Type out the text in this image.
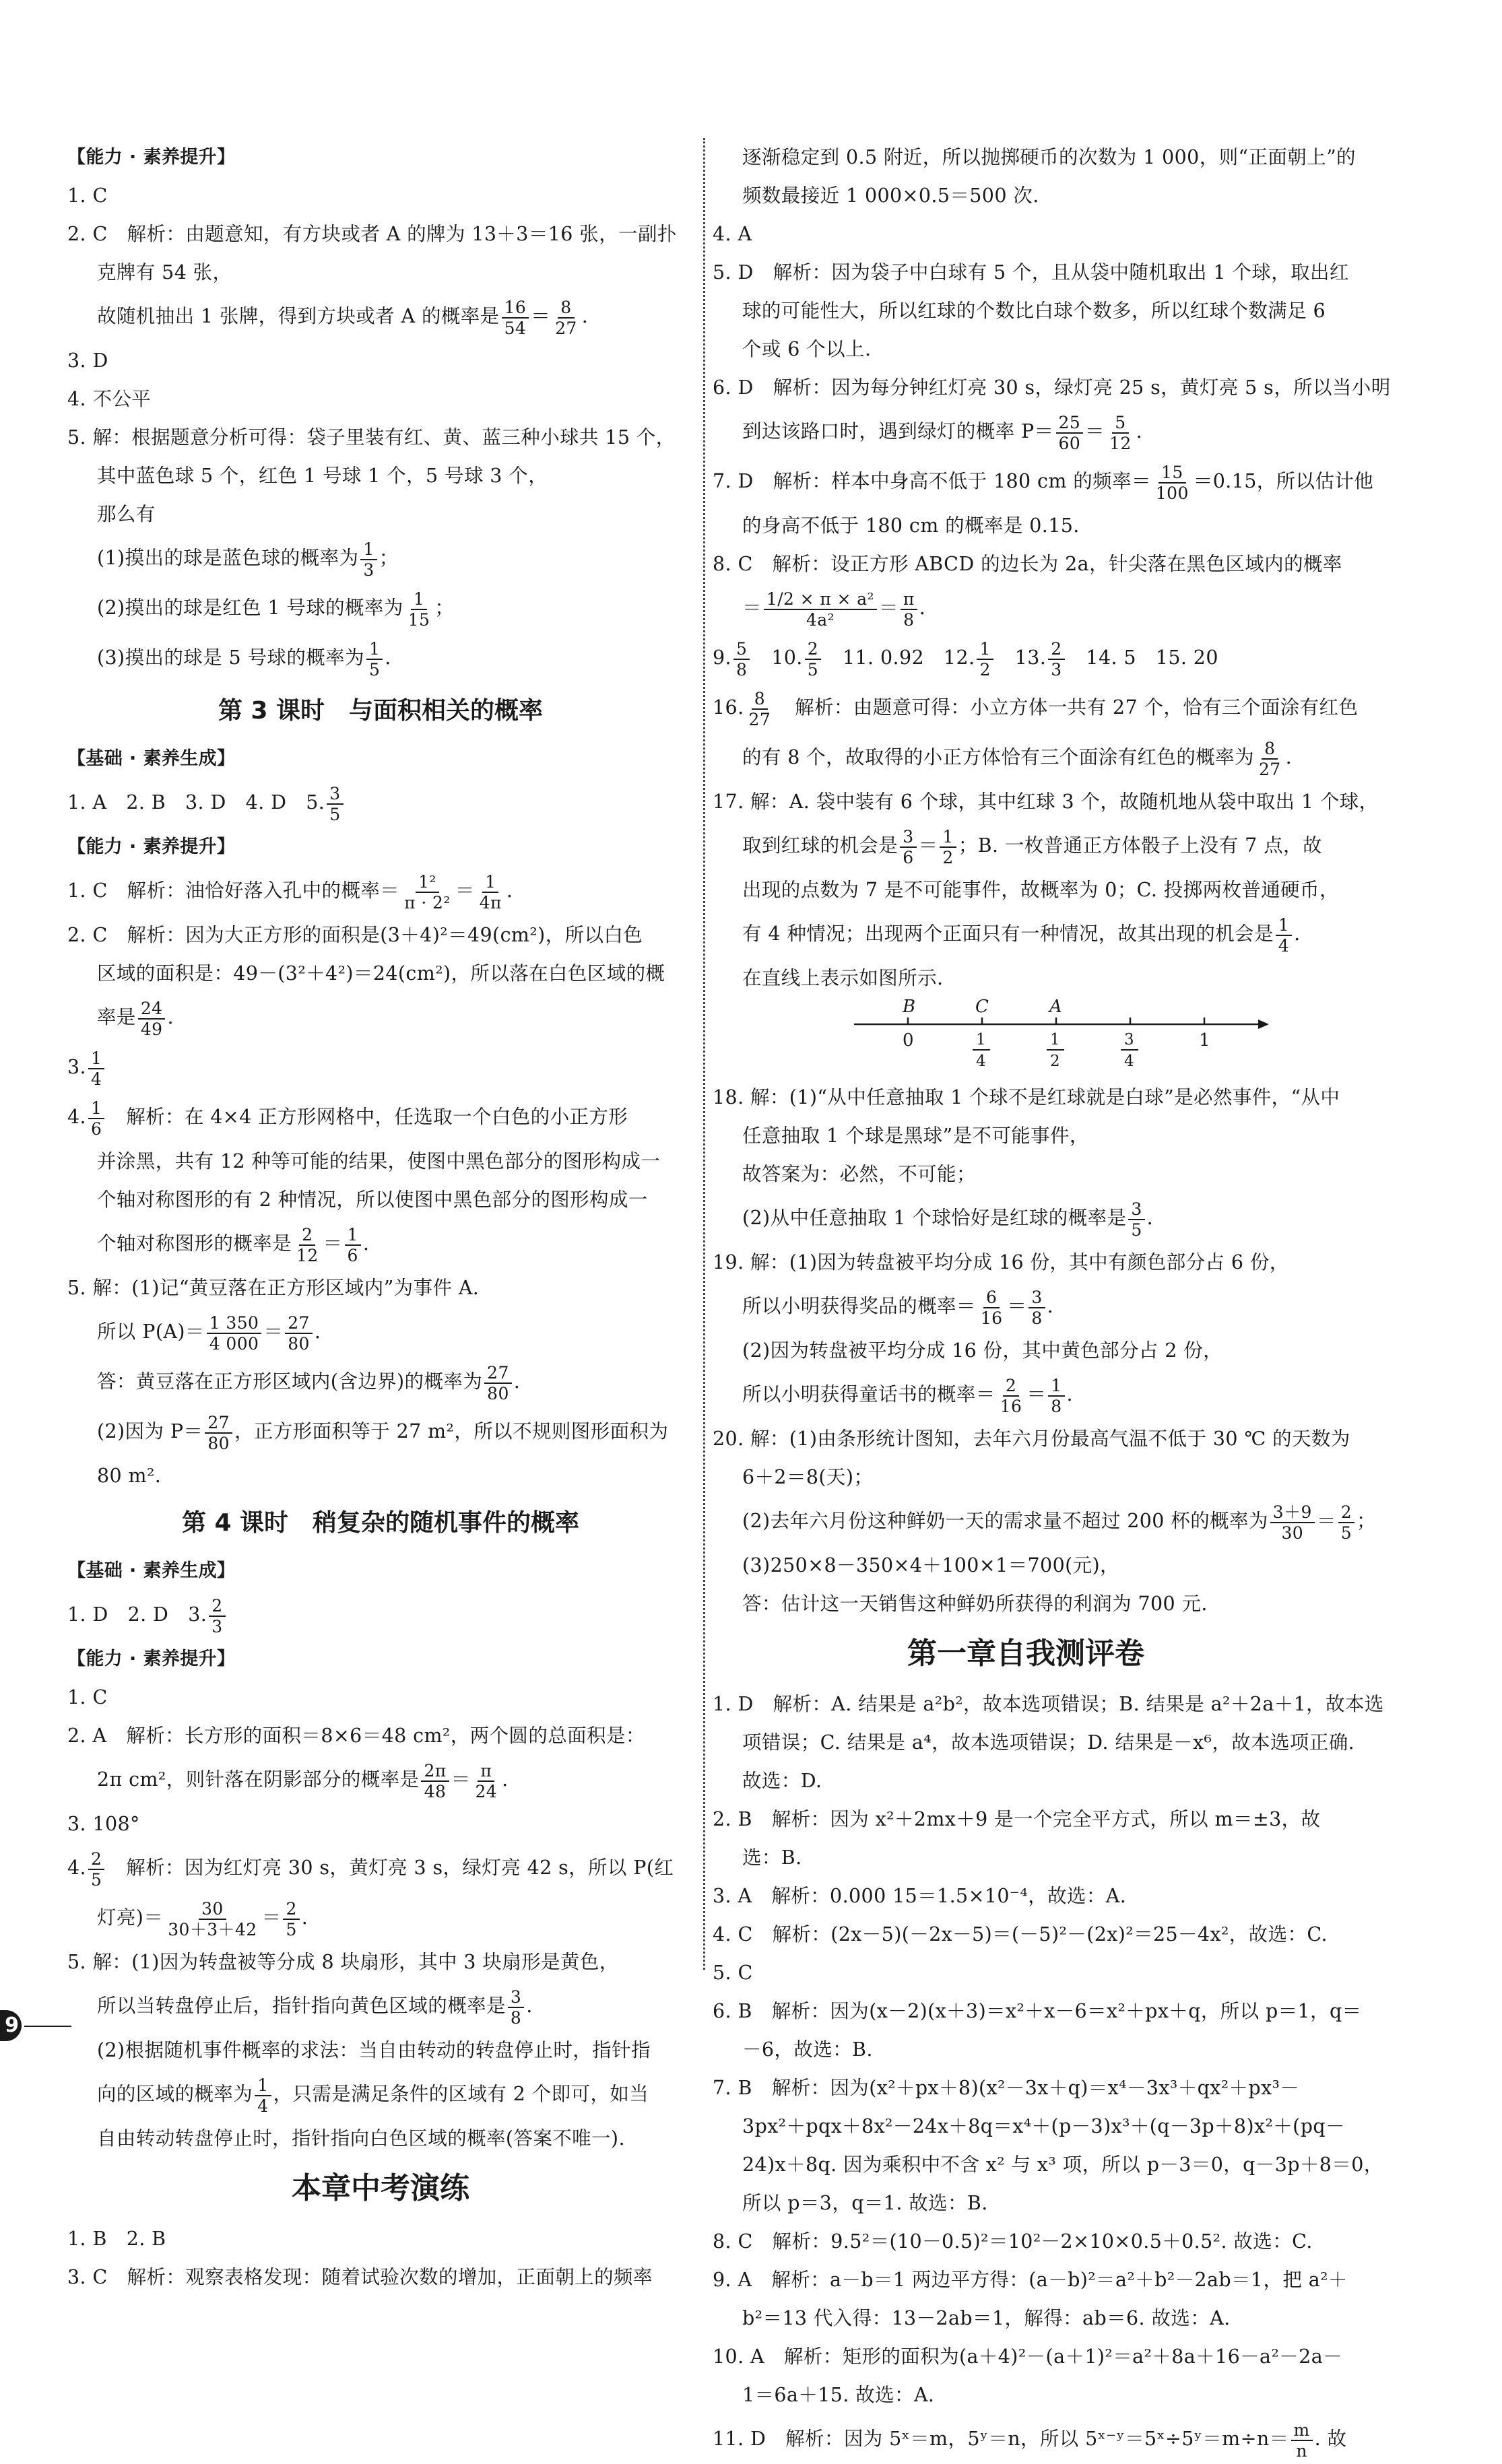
【能力 · 素养提升】
1. C
2. C　解析：由题意知，有方块或者 A 的牌为 13＋3＝16 张，一副扑
克牌有 54 张，
故随机抽出 1 张牌，得到方块或者 A 的概率是 $\frac{16}{54} = \frac{8}{27}$ .
3. D
4. 不公平
5. 解：根据题意分析可得：袋子里装有红、黄、蓝三种小球共 15 个，
其中蓝色球 5 个，红色 1 号球 1 个，5 号球 3 个，
那么有
(1)摸出的球是蓝色球的概率为 $\frac{1}{3}$ ；
(2)摸出的球是红色 1 号球的概率为 $\frac{1}{15}$ ；
(3)摸出的球是 5 号球的概率为 $\frac{1}{5}$ .
第 3 课时　与面积相关的概率
【基础 · 素养生成】
1. A　2. B　3. D　4. D　5. $\frac{3}{5}$
【能力 · 素养提升】
1. C　解析：油恰好落入孔中的概率＝ $\frac{\text{1²}}{\text{π · 2²}} = \frac{1}{4\pi}$ .
2. C　解析：因为大正方形的面积是(3＋4)²＝49(cm²)，所以白色
区域的面积是：49－(3²＋4²)＝24(cm²)，所以落在白色区域的概
率是 $\frac{24}{49}$ .
3. $\frac{1}{4}$
4. $\frac{1}{6}$
　 解析：在 4×4 正方形网格中，任选取一个白色的小正方形
并涂黑，共有 12 种等可能的结果，使图中黑色部分的图形构成一
个轴对称图形的有 2 种情况，所以使图中黑色部分的图形构成一
个轴对称图形的概率是 $\frac{2}{12} = \frac{1}{6}$ .
5. 解：(1)记“黄豆落在正方形区域内”为事件 A.
所以 $P(A)= \frac{1 350}{4 000} = \frac{27}{80}$ .
答：黄豆落在正方形区域内(含边界)的概率为 $\frac{27}{80}$ .
(2)因为 $P= \frac{27}{80}$ ，正方形面积等于 27 m²，所以不规则图形面积为
80 m².
第 4 课时　稍复杂的随机事件的概率
【基础 · 素养生成】
1. D　2. D　3. $\frac{2}{3}$
【能力 · 素养提升】
1. C
2. A　解析：长方形的面积＝8×6＝48 cm²，两个圆的总面积是：
2π cm²，则针落在阴影部分的概率是 $\frac{2\pi}{48} = \frac{\pi}{24}$ .
3. 108°
4. $\frac{2}{5}$
　 解析：因为红灯亮 30 s，黄灯亮 3 s，绿灯亮 42 s，所以 P(红
灯亮)＝ $\frac{30}{30+3+42} = \frac{2}{5}$ .
5. 解：(1)因为转盘被等分成 8 块扇形，其中 3 块扇形是黄色，
所以当转盘停止后，指针指向黄色区域的概率是 $\frac{3}{8}$ .
(2)根据随机事件概率的求法：当自由转动的转盘停止时，指针指
向的区域的概率为 $\frac{1}{4}$ ，只需是满足条件的区域有 2 个即可，如当
自由转动转盘停止时，指针指向白色区域的概率(答案不唯一).
本章中考演练
1. B　2. B
3. C　解析：观察表格发现：随着试验次数的增加，正面朝上的频率
逐渐稳定到 0.5 附近，所以抛掷硬币的次数为 1 000，则“正面朝上”的
频数最接近 1 000×0.5＝500 次.
4. A
5. D　解析：因为袋子中白球有 5 个，且从袋中随机取出 1 个球，取出红
球的可能性大，所以红球的个数比白球个数多，所以红球个数满足 6
个或 6 个以上.
6. D　解析：因为每分钟红灯亮 30 s，绿灯亮 25 s，黄灯亮 5 s，所以当小明
到达该路口时，遇到绿灯的概率 $P= \frac{25}{60} = \frac{5}{12}$ .
7. D　解析：样本中身高不低于 180 cm 的频率＝ $\frac{15}{100} =0.15$，所以估计他
的身高不低于 180 cm 的概率是 0.15.
8. C　解析：设正方形 ABCD 的边长为 2a，针尖落在黑色区域内的概率
＝ $\frac{\text{1/2 × π × a²}}{\text{4a²}} = \frac{\pi}{8}$ .
9. $\frac{5}{8}$
　 10. $\frac{2}{5}$
　 11. 0.92　12. $\frac{1}{2}$
　 13. $\frac{2}{3}$
　 14. 5　15. 20
16. $\frac{8}{27}$
　 解析：由题意可得：小立方体一共有 27 个，恰有三个面涂有红色
的有 8 个，故取得的小正方体恰有三个面涂有红色的概率为 $\frac{8}{27}$ .
17. 解：A. 袋中装有 6 个球，其中红球 3 个，故随机地从袋中取出 1 个球，
取到红球的机会是 $\frac{3}{6} = \frac{1}{2}$ ；B. 一枚普通正方体骰子上没有 7 点，故
出现的点数为 7 是不可能事件，故概率为 0；C. 投掷两枚普通硬币，
有 4 种情况；出现两个正面只有一种情况，故其出现的机会是 $\frac{1}{4}$ .
在直线上表示如图所示.
B	C	A
0	1
4
1
2
3
4
1
18. 解：(1)“从中任意抽取 1 个球不是红球就是白球”是必然事件，“从中
任意抽取 1 个球是黑球”是不可能事件，
故答案为：必然，不可能；
(2)从中任意抽取 1 个球恰好是红球的概率是 $\frac{3}{5}$ .
19. 解：(1)因为转盘被平均分成 16 份，其中有颜色部分占 6 份，
所以小明获得奖品的概率＝ $\frac{6}{16} = \frac{3}{8}$ .
(2)因为转盘被平均分成 16 份，其中黄色部分占 2 份，
所以小明获得童话书的概率＝ $\frac{2}{16} = \frac{1}{8}$ .
20. 解：(1)由条形统计图知，去年六月份最高气温不低于 30 ℃ 的天数为
6＋2＝8(天)；
(2)去年六月份这种鲜奶一天的需求量不超过 200 杯的概率为 $\frac{3+9}{30} = \frac{2}{5}$ ；
(3)250×8－350×4＋100×1＝700(元)，
答：估计这一天销售这种鲜奶所获得的利润为 700 元.
第一章自我测评卷
1. D　解析：A. 结果是 a²b²，故本选项错误；B. 结果是 a²＋2a＋1，故本选
项错误；C. 结果是 a⁴，故本选项错误；D. 结果是－x⁶，故本选项正确.
故选：D.
2. B　解析：因为 x²＋2mx＋9 是一个完全平方式，所以 m＝±3，故
选：B.
3. A　解析：0.000 15＝1.5×10⁻⁴，故选：A.
4. C　解析：(2x－5)(－2x－5)＝(－5)²－(2x)²＝25－4x²，故选：C.
5. C
6. B　解析：因为(x－2)(x＋3)＝x²＋x－6＝x²＋px＋q，所以 p＝1，q＝
－6，故选：B.
7. B　解析：因为(x²＋px＋8)(x²－3x＋q)＝x⁴－3x³＋qx²＋px³－
3px²＋pqx＋8x²－24x＋8q＝x⁴＋(p－3)x³＋(q－3p＋8)x²＋(pq－
24)x＋8q. 因为乘积中不含 x² 与 x³ 项，所以 p－3＝0，q－3p＋8＝0，
所以 p＝3，q＝1. 故选：B.
8. C　解析：9.5²＝(10－0.5)²＝10²－2×10×0.5＋0.5². 故选：C.
9. A　解析：a－b＝1 两边平方得：(a－b)²＝a²＋b²－2ab＝1，把 a²＋
b²＝13 代入得：13－2ab＝1，解得：ab＝6. 故选：A.
10. A　解析：矩形的面积为(a＋4)²－(a＋1)²＝a²＋8a＋16－a²－2a－
1＝6a＋15. 故选：A.
11. D　解析：因为 5ˣ＝m，5ʸ＝n，所以 5ˣ⁻ʸ＝5ˣ÷5ʸ＝m÷n＝ $\frac{m}{n}$ . 故
9
